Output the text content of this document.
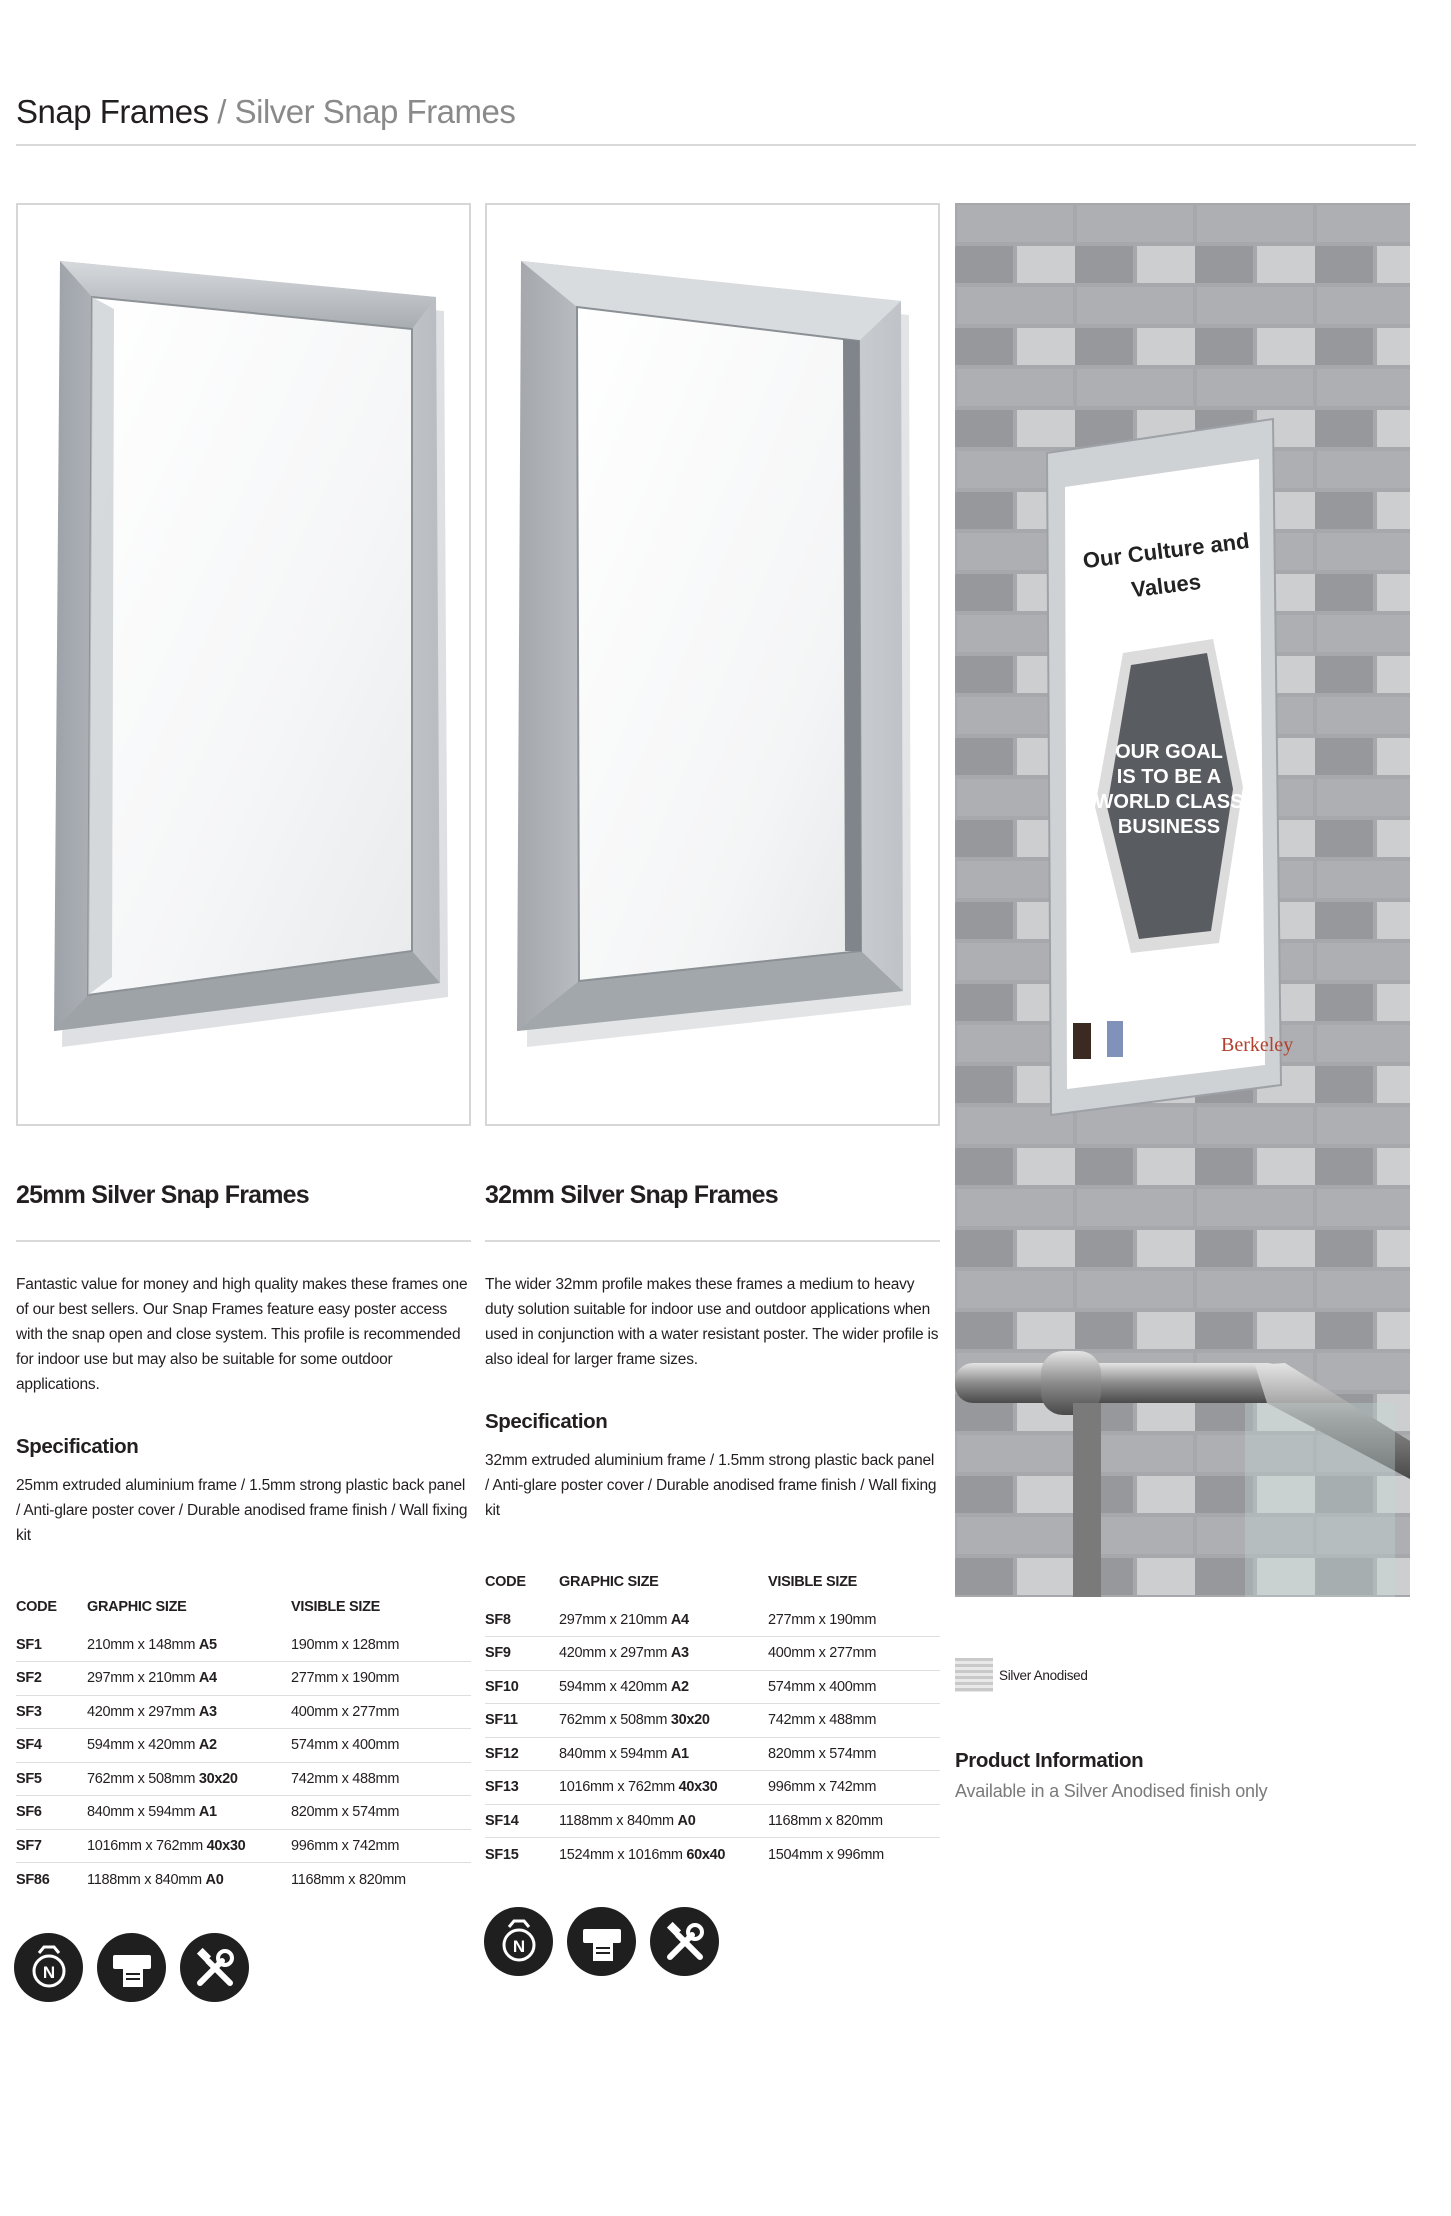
Snap Frames / Silver Snap Frames
Our Culture and
Values
OUR GOAL
IS TO BE A
WORLD CLASS
BUSINESS
Berkeley
25mm Silver Snap Frames
Fantastic value for money and high quality makes these frames one of our best sellers. Our Snap Frames feature easy poster access with the snap open and close system. This profile is recommended for indoor use but may also be suitable for some outdoor applications.
Specification
25mm extruded aluminium frame / 1.5mm strong plastic back panel / Anti-glare poster cover / Durable anodised frame finish / Wall fixing kit
CODE	GRAPHIC SIZE	VISIBLE SIZE
SF1	210mm x 148mm A5	190mm x 128mm
SF2	297mm x 210mm A4	277mm x 190mm
SF3	420mm x 297mm A3	400mm x 277mm
SF4	594mm x 420mm A2	574mm x 400mm
SF5	762mm x 508mm 30x20	742mm x 488mm
SF6	840mm x 594mm A1	820mm x 574mm
SF7	1016mm x 762mm 40x30	996mm x 742mm
SF86	1188mm x 840mm A0	1168mm x 820mm
32mm Silver Snap Frames
The wider 32mm profile makes these frames a medium to heavy duty solution suitable for indoor use and outdoor applications when used in conjunction with a water resistant poster. The wider profile is also ideal for larger frame sizes.
Specification
32mm extruded aluminium frame / 1.5mm strong plastic back panel / Anti-glare poster cover / Durable anodised frame finish / Wall fixing kit
CODE	GRAPHIC SIZE	VISIBLE SIZE
SF8	297mm x 210mm A4	277mm x 190mm
SF9	420mm x 297mm A3	400mm x 277mm
SF10	594mm x 420mm A2	574mm x 400mm
SF11	762mm x 508mm 30x20	742mm x 488mm
SF12	840mm x 594mm A1	820mm x 574mm
SF13	1016mm x 762mm 40x30	996mm x 742mm
SF14	1188mm x 840mm A0	1168mm x 820mm
SF15	1524mm x 1016mm 60x40	1504mm x 996mm
N
N
Silver Anodised
Product Information
Available in a Silver Anodised finish only
